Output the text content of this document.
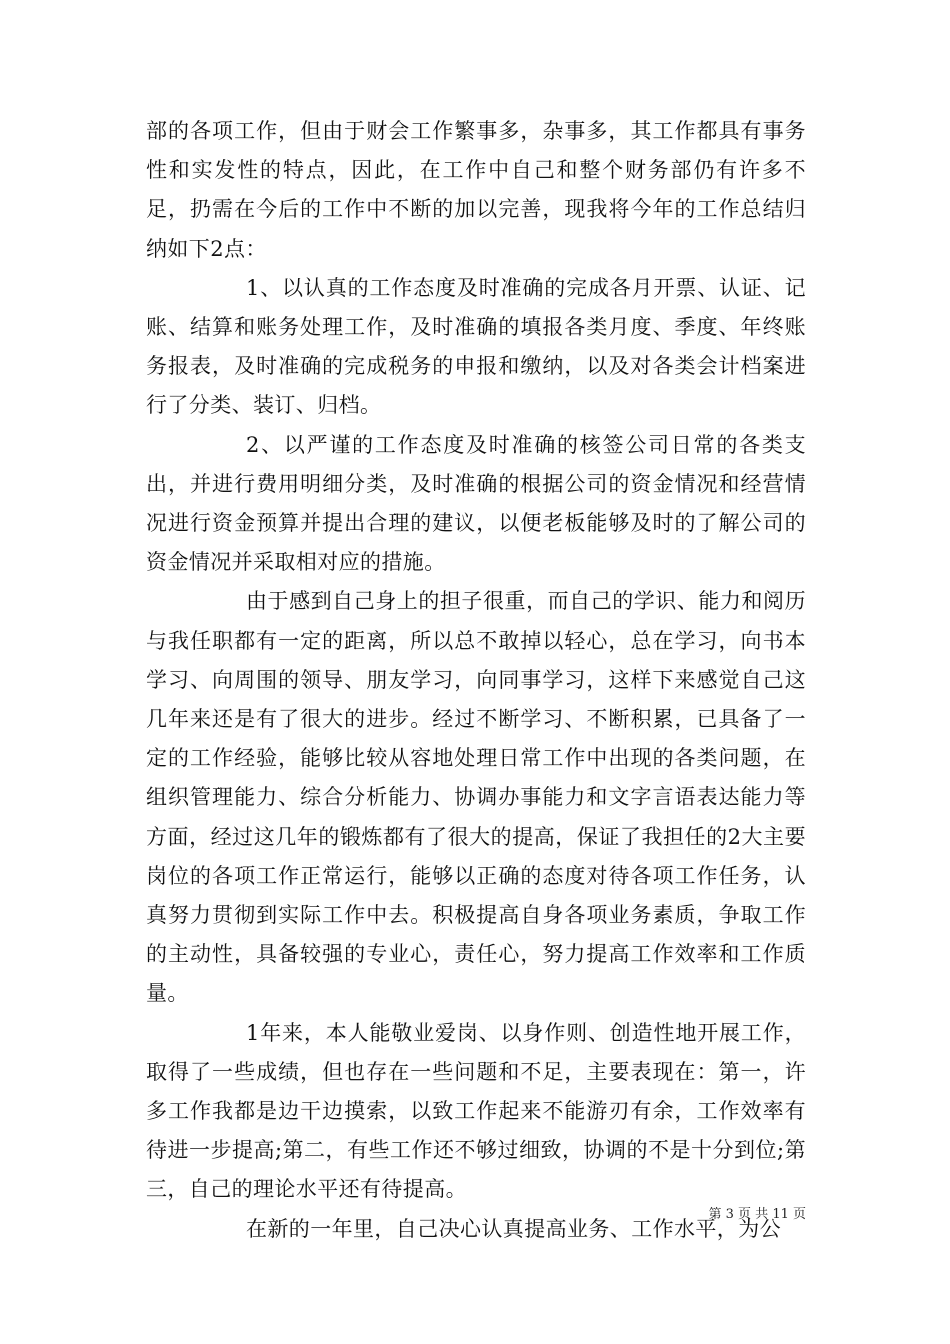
部的各项工作，但由于财会工作繁事多，杂事多，其工作都具有事务性和实发性的特点，因此，在工作中自己和整个财务部仍有许多不足，扔需在今后的工作中不断的加以完善，现我将今年的工作总结归纳如下2点：

1、以认真的工作态度及时准确的完成各月开票、认证、记账、结算和账务处理工作，及时准确的填报各类月度、季度、年终账务报表，及时准确的完成税务的申报和缴纳，以及对各类会计档案进行了分类、装订、归档。

2、以严谨的工作态度及时准确的核签公司日常的各类支出，并进行费用明细分类，及时准确的根据公司的资金情况和经营情况进行资金预算并提出合理的建议，以便老板能够及时的了解公司的资金情况并采取相对应的措施。

由于感到自己身上的担子很重，而自己的学识、能力和阅历与我任职都有一定的距离，所以总不敢掉以轻心，总在学习，向书本学习、向周围的领导、朋友学习，向同事学习，这样下来感觉自己这几年来还是有了很大的进步。经过不断学习、不断积累，已具备了一定的工作经验，能够比较从容地处理日常工作中出现的各类问题，在组织管理能力、综合分析能力、协调办事能力和文字言语表达能力等方面，经过这几年的锻炼都有了很大的提高，保证了我担任的2大主要岗位的各项工作正常运行，能够以正确的态度对待各项工作任务，认真努力贯彻到实际工作中去。积极提高自身各项业务素质，争取工作的主动性，具备较强的专业心，责任心，努力提高工作效率和工作质量。

1年来，本人能敬业爱岗、以身作则、创造性地开展工作，取得了一些成绩，但也存在一些问题和不足，主要表现在：第一，许多工作我都是边干边摸索，以致工作起来不能游刃有余，工作效率有待进一步提高;第二，有些工作还不够过细致，协调的不是十分到位;第三，自己的理论水平还有待提高。

在新的一年里，自己决心认真提高业务、工作水平，为公

第 3 页 共 11 页
